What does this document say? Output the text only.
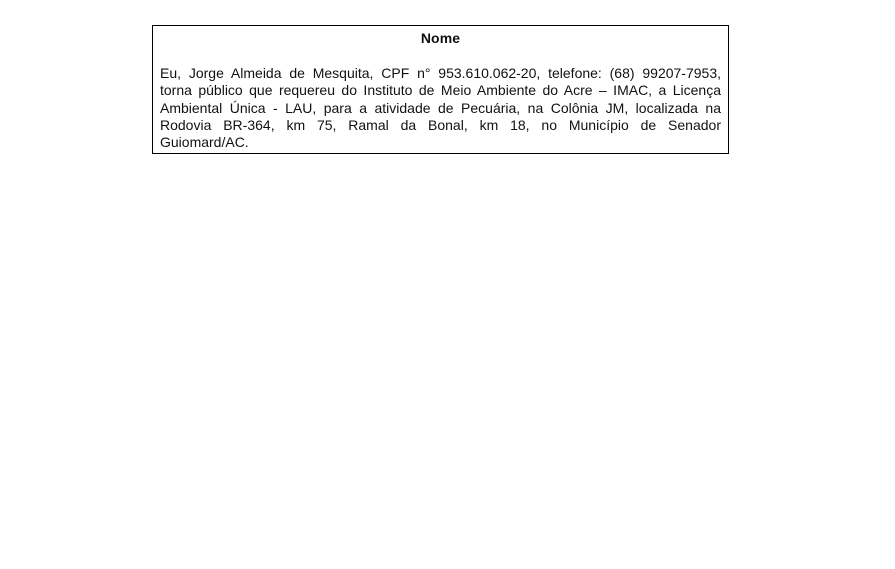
Nome

Eu, Jorge Almeida de Mesquita, CPF n° 953.610.062-20, telefone: (68) 99207-7953, torna público que requereu do Instituto de Meio Ambiente do Acre – IMAC, a Licença Ambiental Única - LAU, para a atividade de Pecuária, na Colônia JM, localizada na Rodovia BR-364, km 75, Ramal da Bonal, km 18, no Município de Senador Guiomard/AC.
